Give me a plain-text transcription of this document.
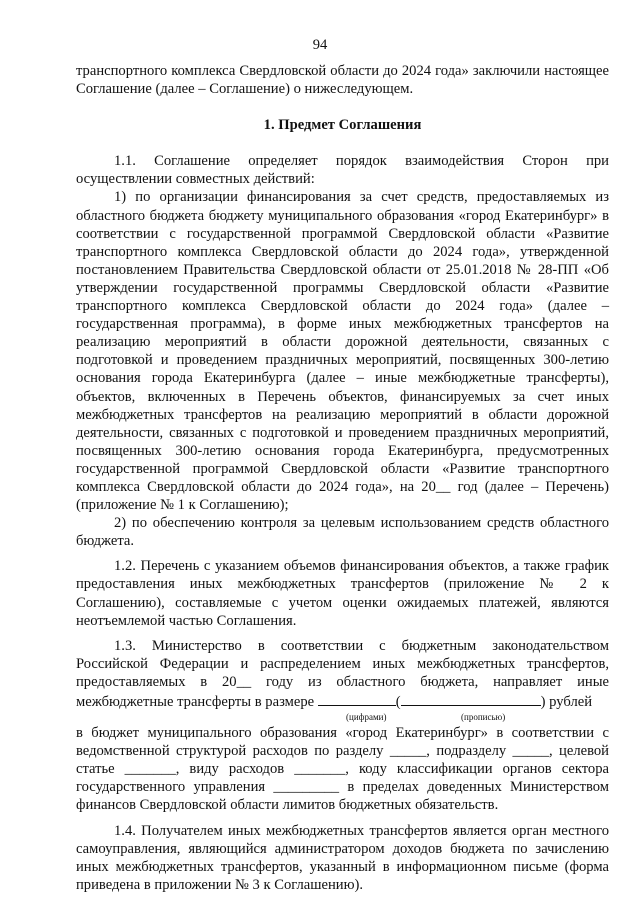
94

транспортного комплекса Свердловской области до 2024 года» заключили настоящее Соглашение (далее – Соглашение) о нижеследующем.

1. Предмет Соглашения

1.1. Соглашение определяет порядок взаимодействия Сторон при осуществлении совместных действий:

1) по организации финансирования за счет средств, предоставляемых из областного бюджета бюджету муниципального образования «город Екатеринбург» в соответствии с государственной программой Свердловской области «Развитие транспортного комплекса Свердловской области до 2024 года», утвержденной постановлением Правительства Свердловской области от 25.01.2018 № 28-ПП «Об утверждении государственной программы Свердловской области «Развитие транспортного комплекса Свердловской области до 2024 года» (далее – государственная программа), в форме иных межбюджетных трансфертов на реализацию мероприятий в области дорожной деятельности, связанных с подготовкой и проведением праздничных мероприятий, посвященных 300-летию основания города Екатеринбурга (далее – иные межбюджетные трансферты), объектов, включенных в Перечень объектов, финансируемых за счет иных межбюджетных трансфертов на реализацию мероприятий в области дорожной деятельности, связанных с подготовкой и проведением праздничных мероприятий, посвященных 300-летию основания города Екатеринбурга, предусмотренных государственной программой Свердловской области «Развитие транспортного комплекса Свердловской области до 2024 года», на 20__ год (далее – Перечень) (приложение № 1 к Соглашению);

2) по обеспечению контроля за целевым использованием средств областного бюджета.

1.2. Перечень с указанием объемов финансирования объектов, а также график предоставления иных межбюджетных трансфертов (приложение № 2 к Соглашению), составляемые с учетом оценки ожидаемых платежей, являются неотъемлемой частью Соглашения.

1.3. Министерство в соответствии с бюджетным законодательством Российской Федерации и распределением иных межбюджетных трансфертов, предоставляемых в 20__ году из областного бюджета, направляет иные межбюджетные трансферты в размере	(	) рублей

(цифрами)	(прописью)

в бюджет муниципального образования «город Екатеринбург» в соответствии с ведомственной структурой расходов по разделу _____, подразделу _____, целевой статье _______, виду расходов _______, коду классификации органов сектора государственного управления _________ в пределах доведенных Министерством финансов Свердловской области лимитов бюджетных обязательств.

1.4. Получателем иных межбюджетных трансфертов является орган местного самоуправления, являющийся администратором доходов бюджета по зачислению иных межбюджетных трансфертов, указанный в информационном письме (форма приведена в приложении № 3 к Соглашению).
